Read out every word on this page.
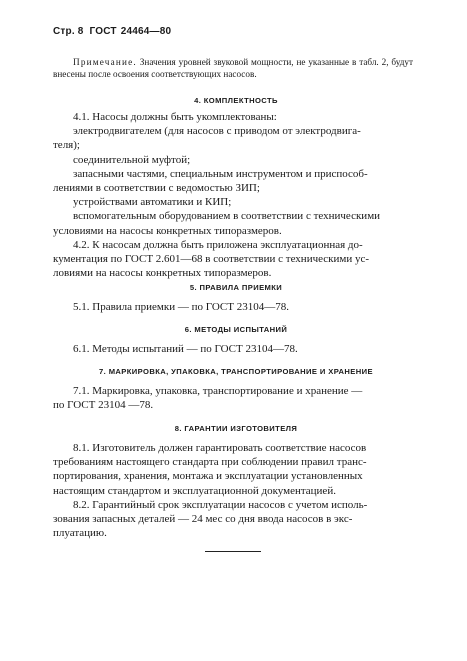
Стр. 8 ГОСТ 24464—80
Примечание. Значения уровней звуковой мощности, не указанные в табл. 2, будут внесены после освоения соответствующих насосов.
4. КОМПЛЕКТНОСТЬ
4.1. Насосы должны быть укомплектованы:
электродвигателем (для насосов с приводом от электродвига-
теля);
соединительной муфтой;
запасными частями, специальным инструментом и приспособ-
лениями в соответствии с ведомостью ЗИП;
устройствами автоматики и КИП;
вспомогательным оборудованием в соответствии с техническими
условиями на насосы конкретных типоразмеров.
4.2. К насосам должна быть приложена эксплуатационная до-
кументация по ГОСТ 2.601—68 в соответствии с техническими ус-
ловиями на насосы конкретных типоразмеров.
5. ПРАВИЛА ПРИЕМКИ
5.1. Правила приемки — по ГОСТ 23104—78.
6. МЕТОДЫ ИСПЫТАНИЙ
6.1. Методы испытаний — по ГОСТ 23104—78.
7. МАРКИРОВКА, УПАКОВКА, ТРАНСПОРТИРОВАНИЕ И ХРАНЕНИЕ
7.1. Маркировка, упаковка, транспортирование и хранение —
по ГОСТ 23104 —78.
8. ГАРАНТИИ ИЗГОТОВИТЕЛЯ
8.1. Изготовитель должен гарантировать соответствие насосов
требованиям настоящего стандарта при соблюдении правил транс-
портирования, хранения, монтажа и эксплуатации установленных
настоящим стандартом и эксплуатационной документацией.
8.2. Гарантийный срок эксплуатации насосов с учетом исполь-
зования запасных деталей — 24 мес со дня ввода насосов в экс-
плуатацию.
